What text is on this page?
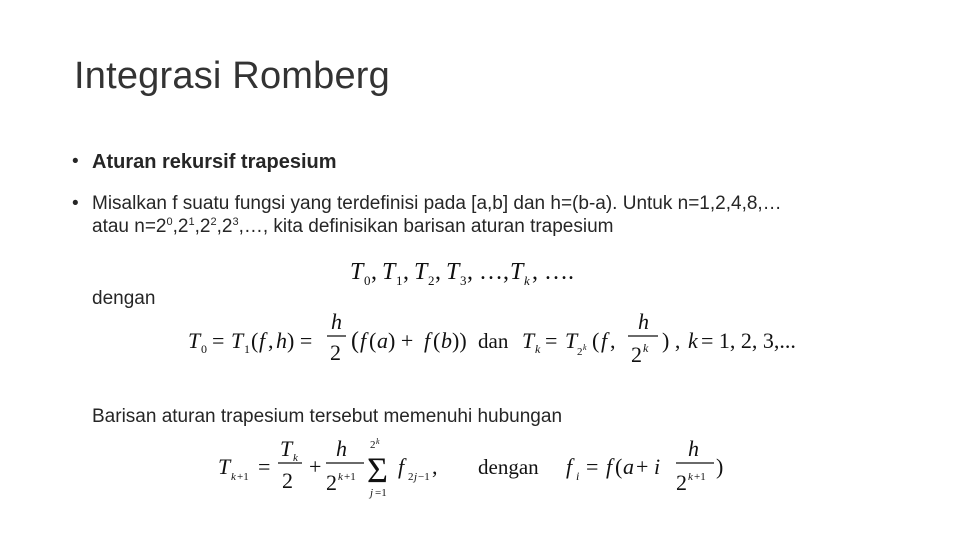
Integrasi Romberg
• Aturan rekursif trapesium
• Misalkan f suatu fungsi yang terdefinisi pada [a,b] dan h=(b-a). Untuk n=1,2,4,8,…
atau $n=2^0,2^1,2^2,2^3,\dots$, kita definisikan barisan aturan trapesium
T 0 , T 1 , T 2 , T 3 , …, T k , ….
dengan
T 0 = T 1 ( f , h ) =
h
2 ( f ( a ) + f ( b )) dan T k = T 2 k ( f ,
h
2 k ) , k = 1, 2, 3,...
Barisan aturan trapesium tersebut memenuhi hubungan
T k +1 =
T k
2
+
h
2 k +1 Σ
2 k
j =1
f 2 j −1 , dengan f i = f ( a + i
h
2 k +1 )
